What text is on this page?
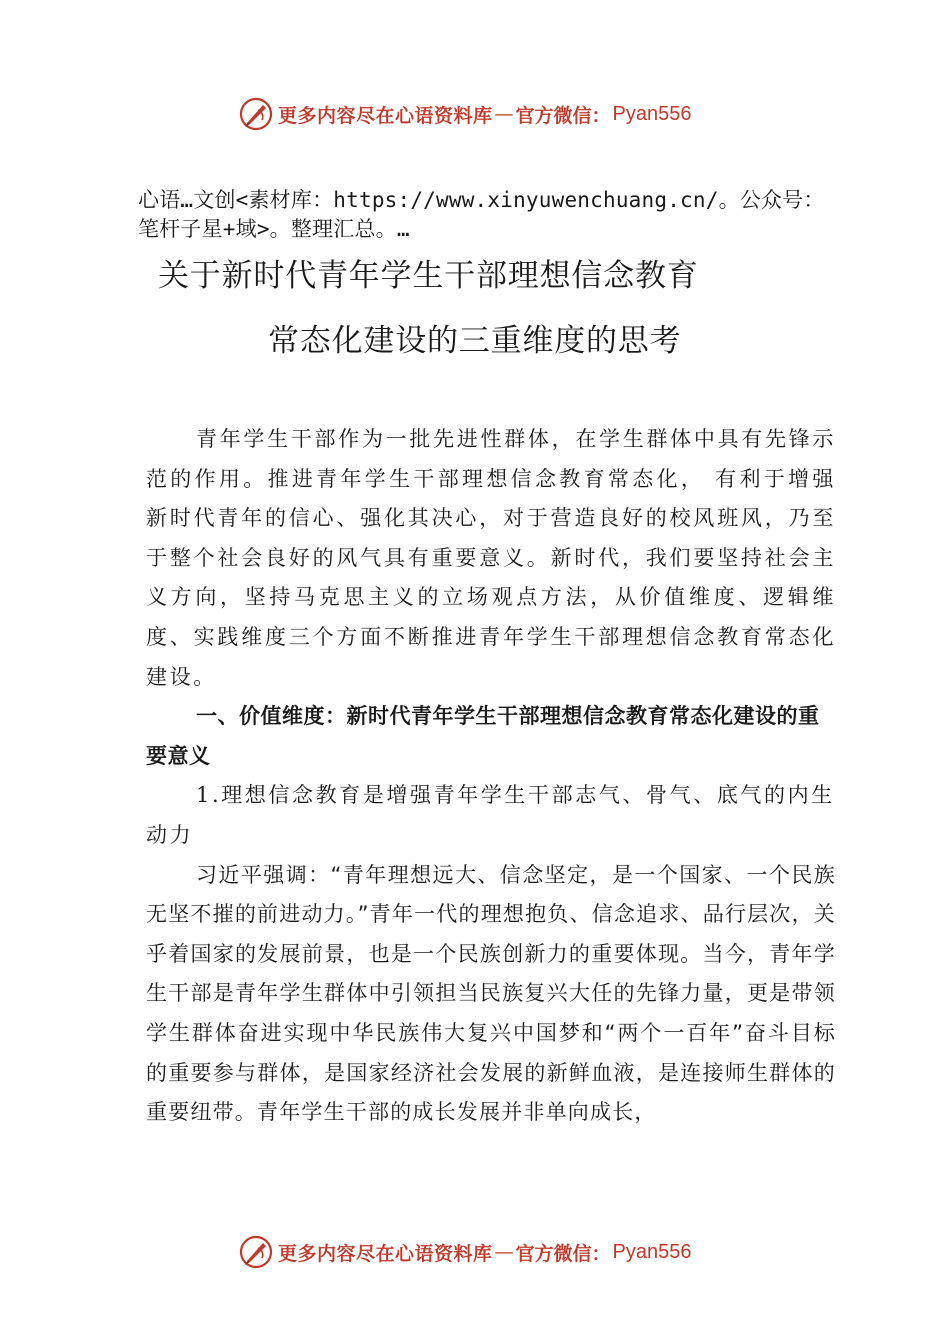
更多内容尽在心语资料库 — 官方微信： Pyan556
心语…文创<素材库：https://www.xinyuwenchuang.cn/。公众号：笔杆子星+域>。整理汇总。…
关于新时代青年学生干部理想信念教育
常态化建设的三重维度的思考

青年学生干部作为一批先进性群体，在学生群体中具有先锋示范的作用。推进青年学生干部理想信念教育常态化， 有利于增强新时代青年的信心、强化其决心，对于营造良好的校风班风，乃至于整个社会良好的风气具有重要意义。新时代，我们要坚持社会主义方向，坚持马克思主义的立场观点方法，从价值维度、逻辑维度、实践维度三个方面不断推进青年学生干部理想信念教育常态化建设。

一、价值维度：新时代青年学生干部理想信念教育常态化建设的重要意义

1.理想信念教育是增强青年学生干部志气、骨气、底气的内生动力

习近平强调：“青年理想远大、信念坚定，是一个国家、一个民族无坚不摧的前进动力。”青年一代的理想抱负、信念追求、品行层次，关乎着国家的发展前景，也是一个民族创新力的重要体现。当今，青年学生干部是青年学生群体中引领担当民族复兴大任的先锋力量，更是带领学生群体奋进实现中华民族伟大复兴中国梦和“两个一百年”奋斗目标的重要参与群体，是国家经济社会发展的新鲜血液，是连接师生群体的重要纽带。青年学生干部的成长发展并非单向成长，

更多内容尽在心语资料库 — 官方微信： Pyan556
